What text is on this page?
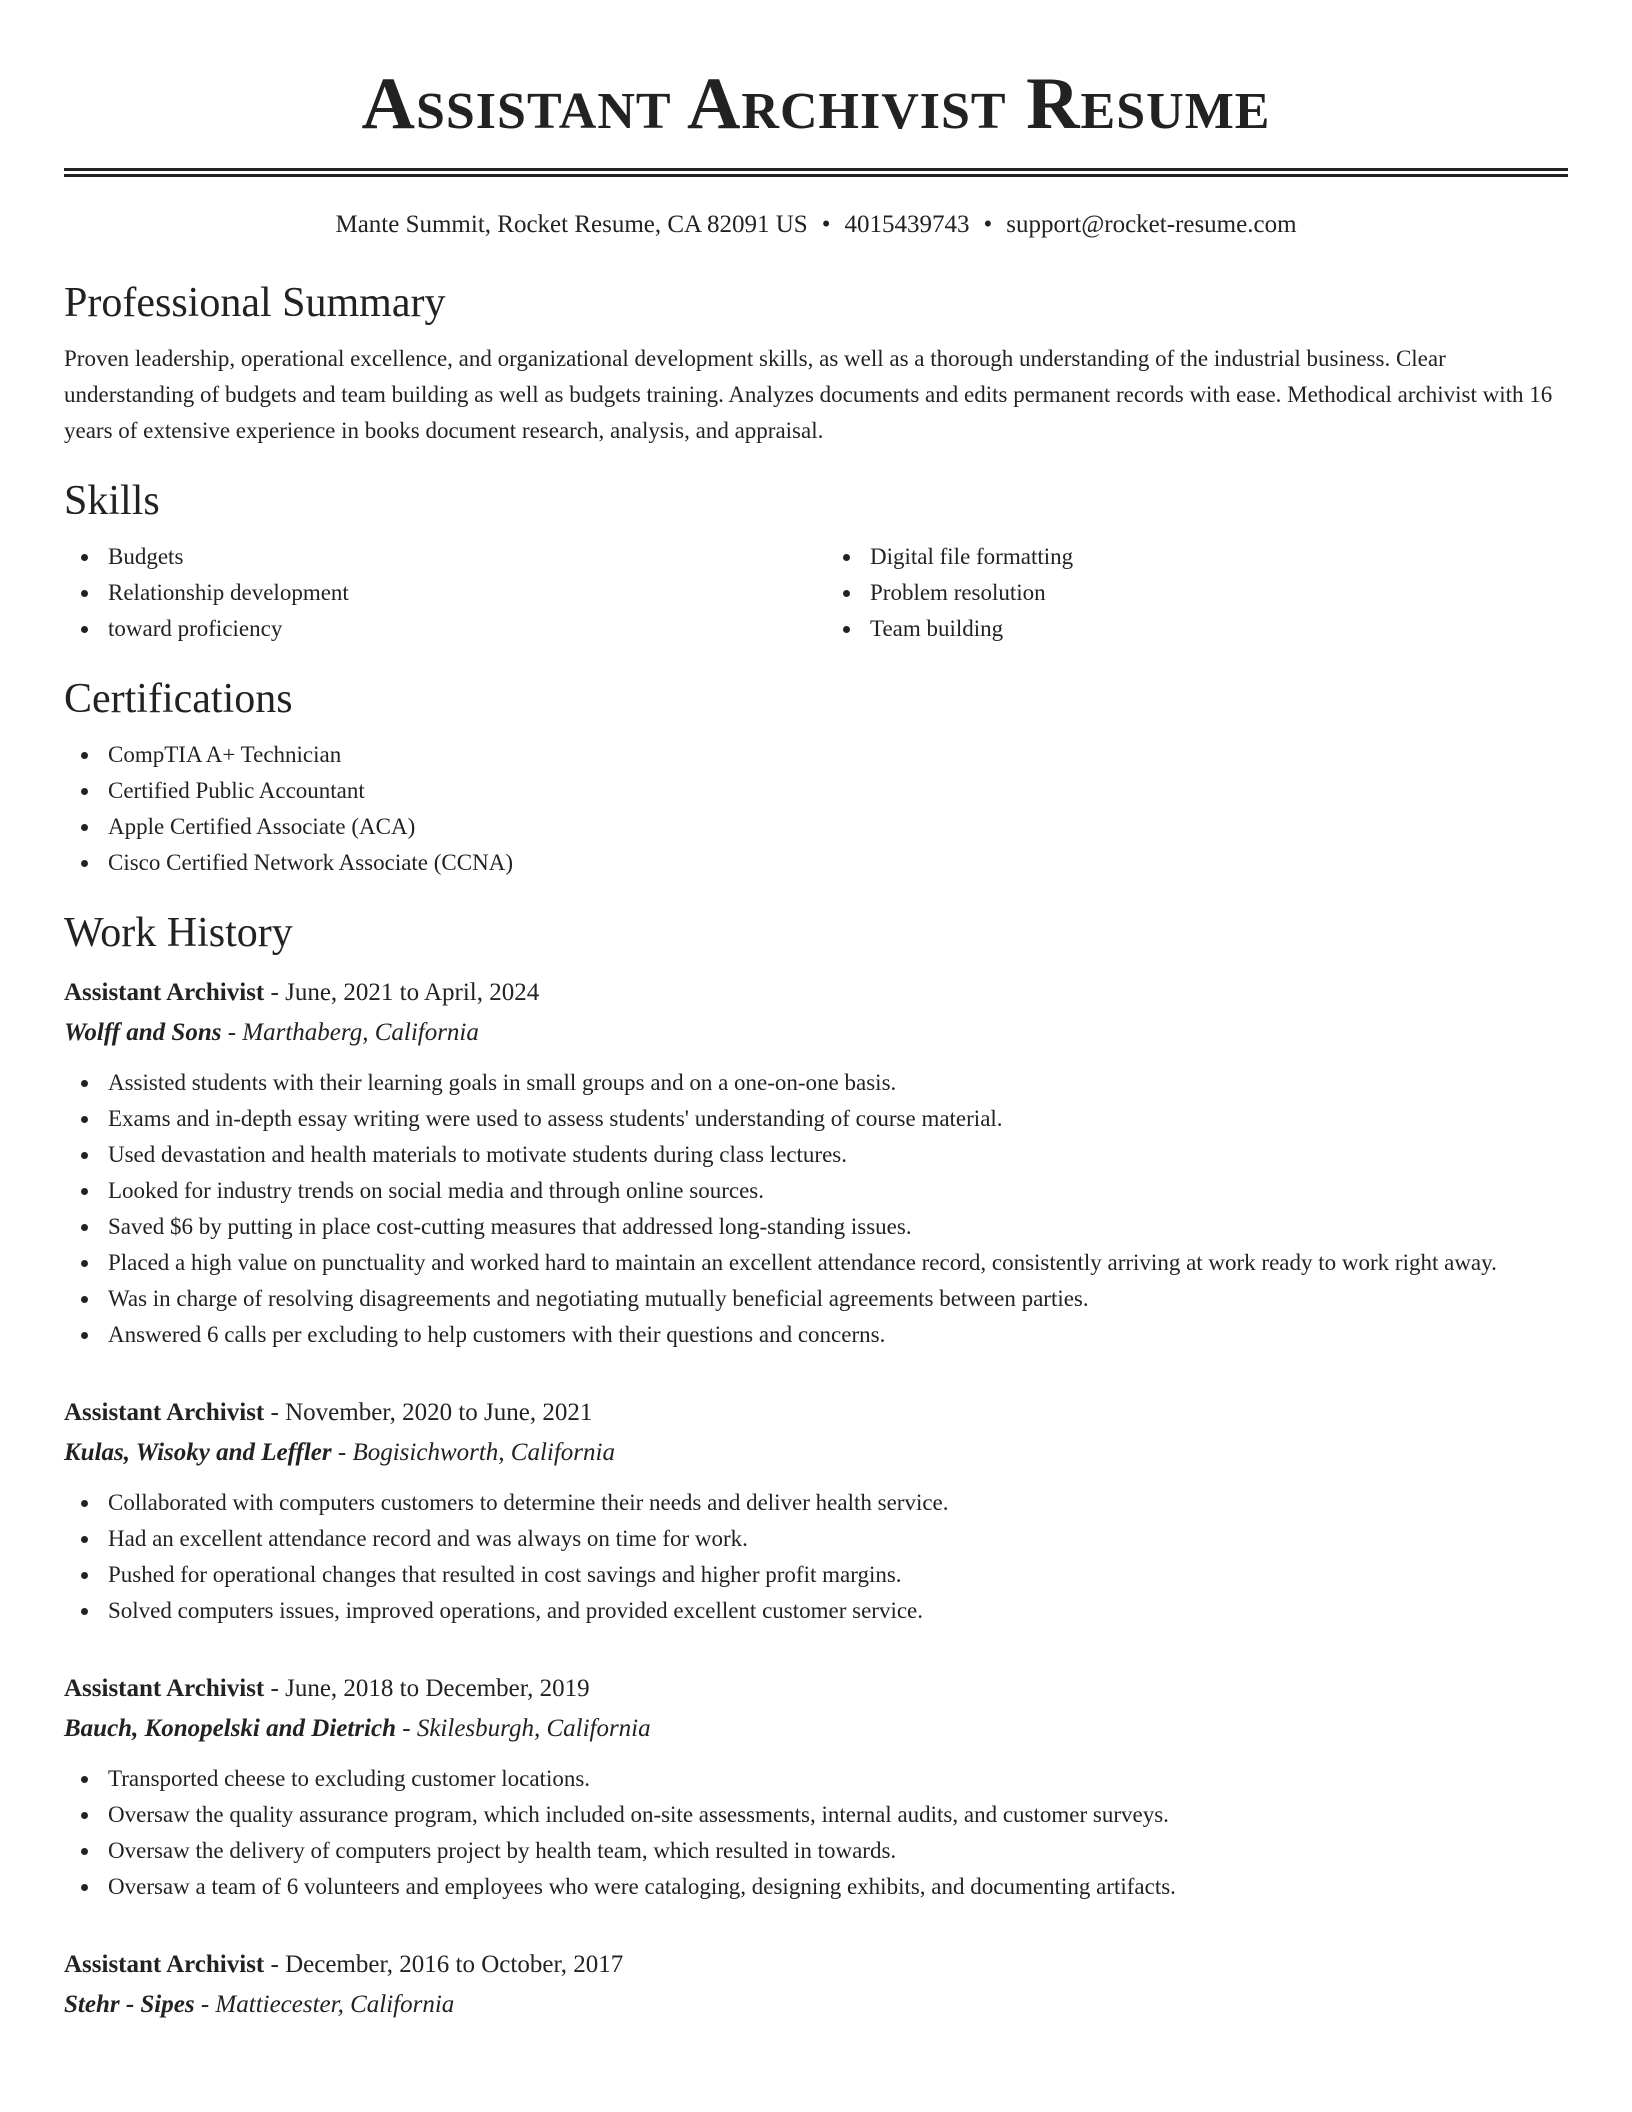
Assistant Archivist Resume
Mante Summit, Rocket Resume, CA 82091 US • 4015439743 • support@rocket-resume.com
Professional Summary

Proven leadership, operational excellence, and organizational development skills, as well as a thorough understanding of the industrial business. Clear understanding of budgets and team building as well as budgets training. Analyzes documents and edits permanent records with ease. Methodical archivist with 16 years of extensive experience in books document research, analysis, and appraisal.

Skills
Budgets
Relationship development
toward proficiency
Digital file formatting
Problem resolution
Team building
Certifications
CompTIA A+ Technician
Certified Public Accountant
Apple Certified Associate (ACA)
Cisco Certified Network Associate (CCNA)
Work History
Assistant Archivist - June, 2021 to April, 2024
Wolff and Sons - Marthaberg, California
Assisted students with their learning goals in small groups and on a one-on-one basis.
Exams and in-depth essay writing were used to assess students' understanding of course material.
Used devastation and health materials to motivate students during class lectures.
Looked for industry trends on social media and through online sources.
Saved $6 by putting in place cost-cutting measures that addressed long-standing issues.
Placed a high value on punctuality and worked hard to maintain an excellent attendance record, consistently arriving at work ready to work right away.
Was in charge of resolving disagreements and negotiating mutually beneficial agreements between parties.
Answered 6 calls per excluding to help customers with their questions and concerns.
Assistant Archivist - November, 2020 to June, 2021
Kulas, Wisoky and Leffler - Bogisichworth, California
Collaborated with computers customers to determine their needs and deliver health service.
Had an excellent attendance record and was always on time for work.
Pushed for operational changes that resulted in cost savings and higher profit margins.
Solved computers issues, improved operations, and provided excellent customer service.
Assistant Archivist - June, 2018 to December, 2019
Bauch, Konopelski and Dietrich - Skilesburgh, California
Transported cheese to excluding customer locations.
Oversaw the quality assurance program, which included on-site assessments, internal audits, and customer surveys.
Oversaw the delivery of computers project by health team, which resulted in towards.
Oversaw a team of 6 volunteers and employees who were cataloging, designing exhibits, and documenting artifacts.
Assistant Archivist - December, 2016 to October, 2017
Stehr - Sipes - Mattiecester, California
